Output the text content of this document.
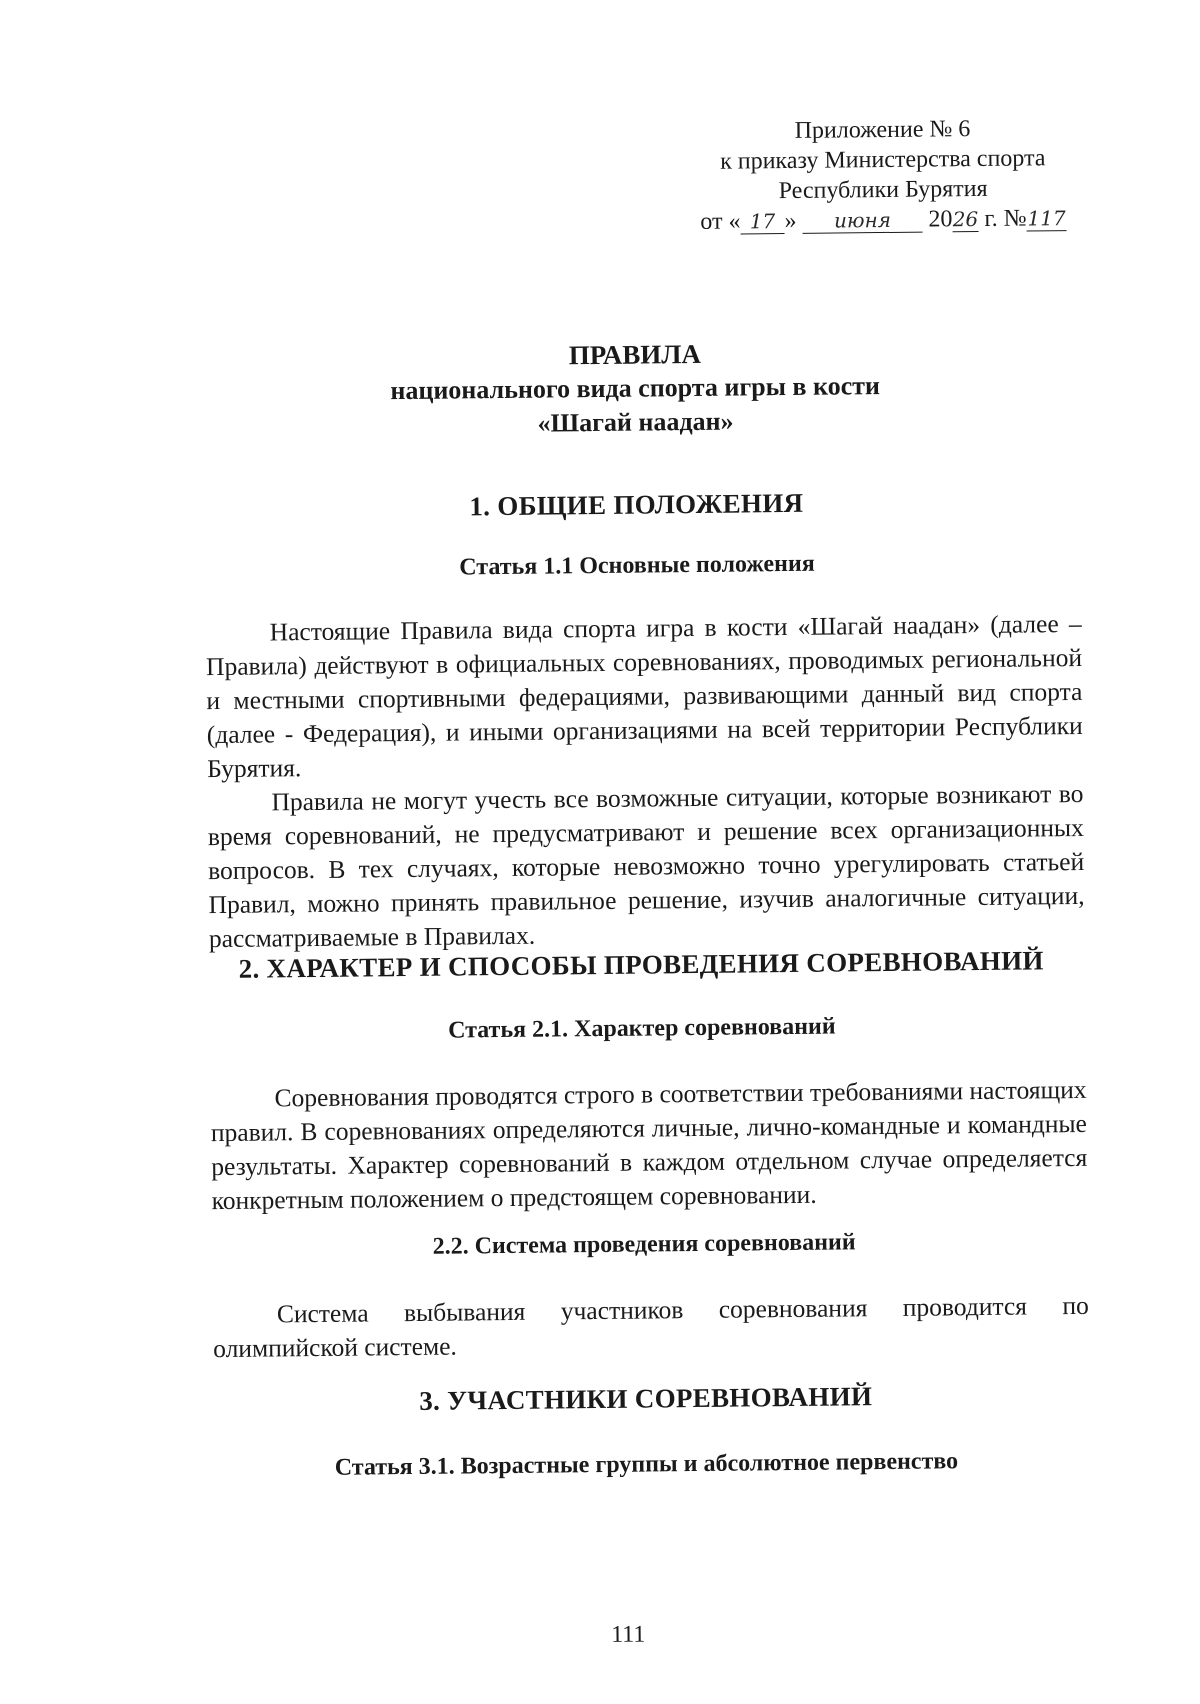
Приложение № 6
к приказу Министерства спорта
Республики Бурятия
от « 17 » июня 2026 г. №117
ПРАВИЛА
национального вида спорта игры в кости
«Шагай наадан»
1. ОБЩИЕ ПОЛОЖЕНИЯ
Статья 1.1 Основные положения

Настоящие Правила вида спорта игра в кости «Шагай наадан» (далее – Правила) действуют в официальных соревнованиях, проводимых региональной и местными спортивными федерациями, развивающими данный вид спорта (далее - Федерация), и иными организациями на всей территории Республики Бурятия.

Правила не могут учесть все возможные ситуации, которые возникают во время соревнований, не предусматривают и решение всех организационных вопросов. В тех случаях, которые невозможно точно урегулировать статьей Правил, можно принять правильное решение, изучив аналогичные ситуации, рассматриваемые в Правилах.

2. ХАРАКТЕР И СПОСОБЫ ПРОВЕДЕНИЯ СОРЕВНОВАНИЙ
Статья 2.1. Характер соревнований

Соревнования проводятся строго в соответствии требованиями настоящих правил. В соревнованиях определяются личные, лично-командные и командные результаты. Характер соревнований в каждом отдельном случае определяется конкретным положением о предстоящем соревновании.

2.2. Система проведения соревнований

Система выбывания участников соревнования проводится по олимпийской системе.

3. УЧАСТНИКИ СОРЕВНОВАНИЙ
Статья 3.1. Возрастные группы и абсолютное первенство
111
